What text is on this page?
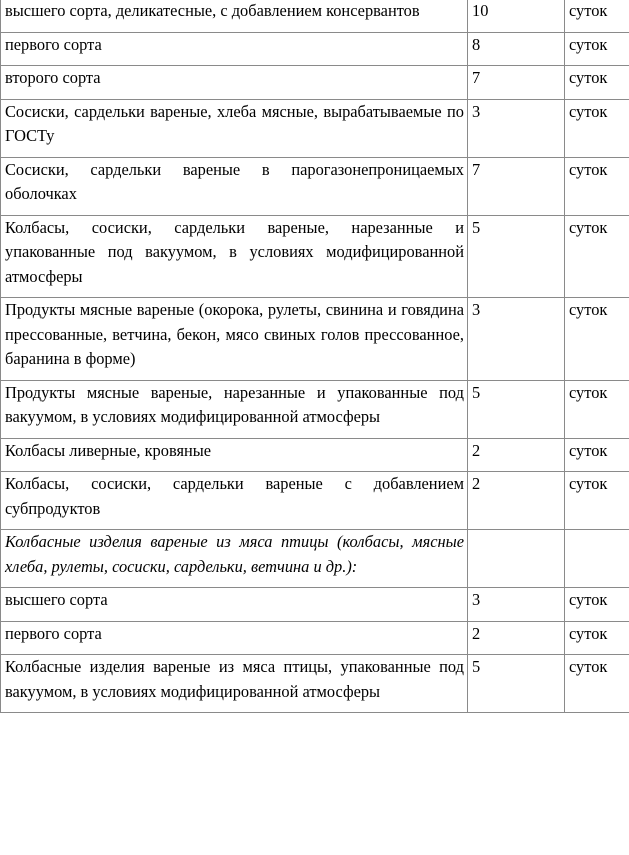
высшего сорта, деликатесные, с добавлением консервантов	10	суток
первого сорта	8	суток
второго сорта	7	суток
Сосиски, сардельки вареные, хлеба мясные, вырабатываемые по ГОСТу	3	суток
Сосиски, сардельки вареные в парогазонепроницаемых оболочках	7	суток
Колбасы, сосиски, сардельки вареные, нарезанные и упакованные под вакуумом, в условиях модифицированной атмосферы	5	суток
Продукты мясные вареные (окорока, рулеты, свинина и говядина прессованные, ветчина, бекон, мясо свиных голов прессованное, баранина в форме)	3	суток
Продукты мясные вареные, нарезанные и упакованные под вакуумом, в условиях модифицированной атмосферы	5	суток
Колбасы ливерные, кровяные	2	суток
Колбасы, сосиски, сардельки вареные с добавлением субпродуктов	2	суток
Колбасные изделия вареные из мяса птицы (колбасы, мясные хлеба, рулеты, сосиски, сардельки, ветчина и др.):		
высшего сорта	3	суток
первого сорта	2	суток
Колбасные изделия вареные из мяса птицы, упакованные под вакуумом, в условиях модифицированной атмосферы	5	суток
